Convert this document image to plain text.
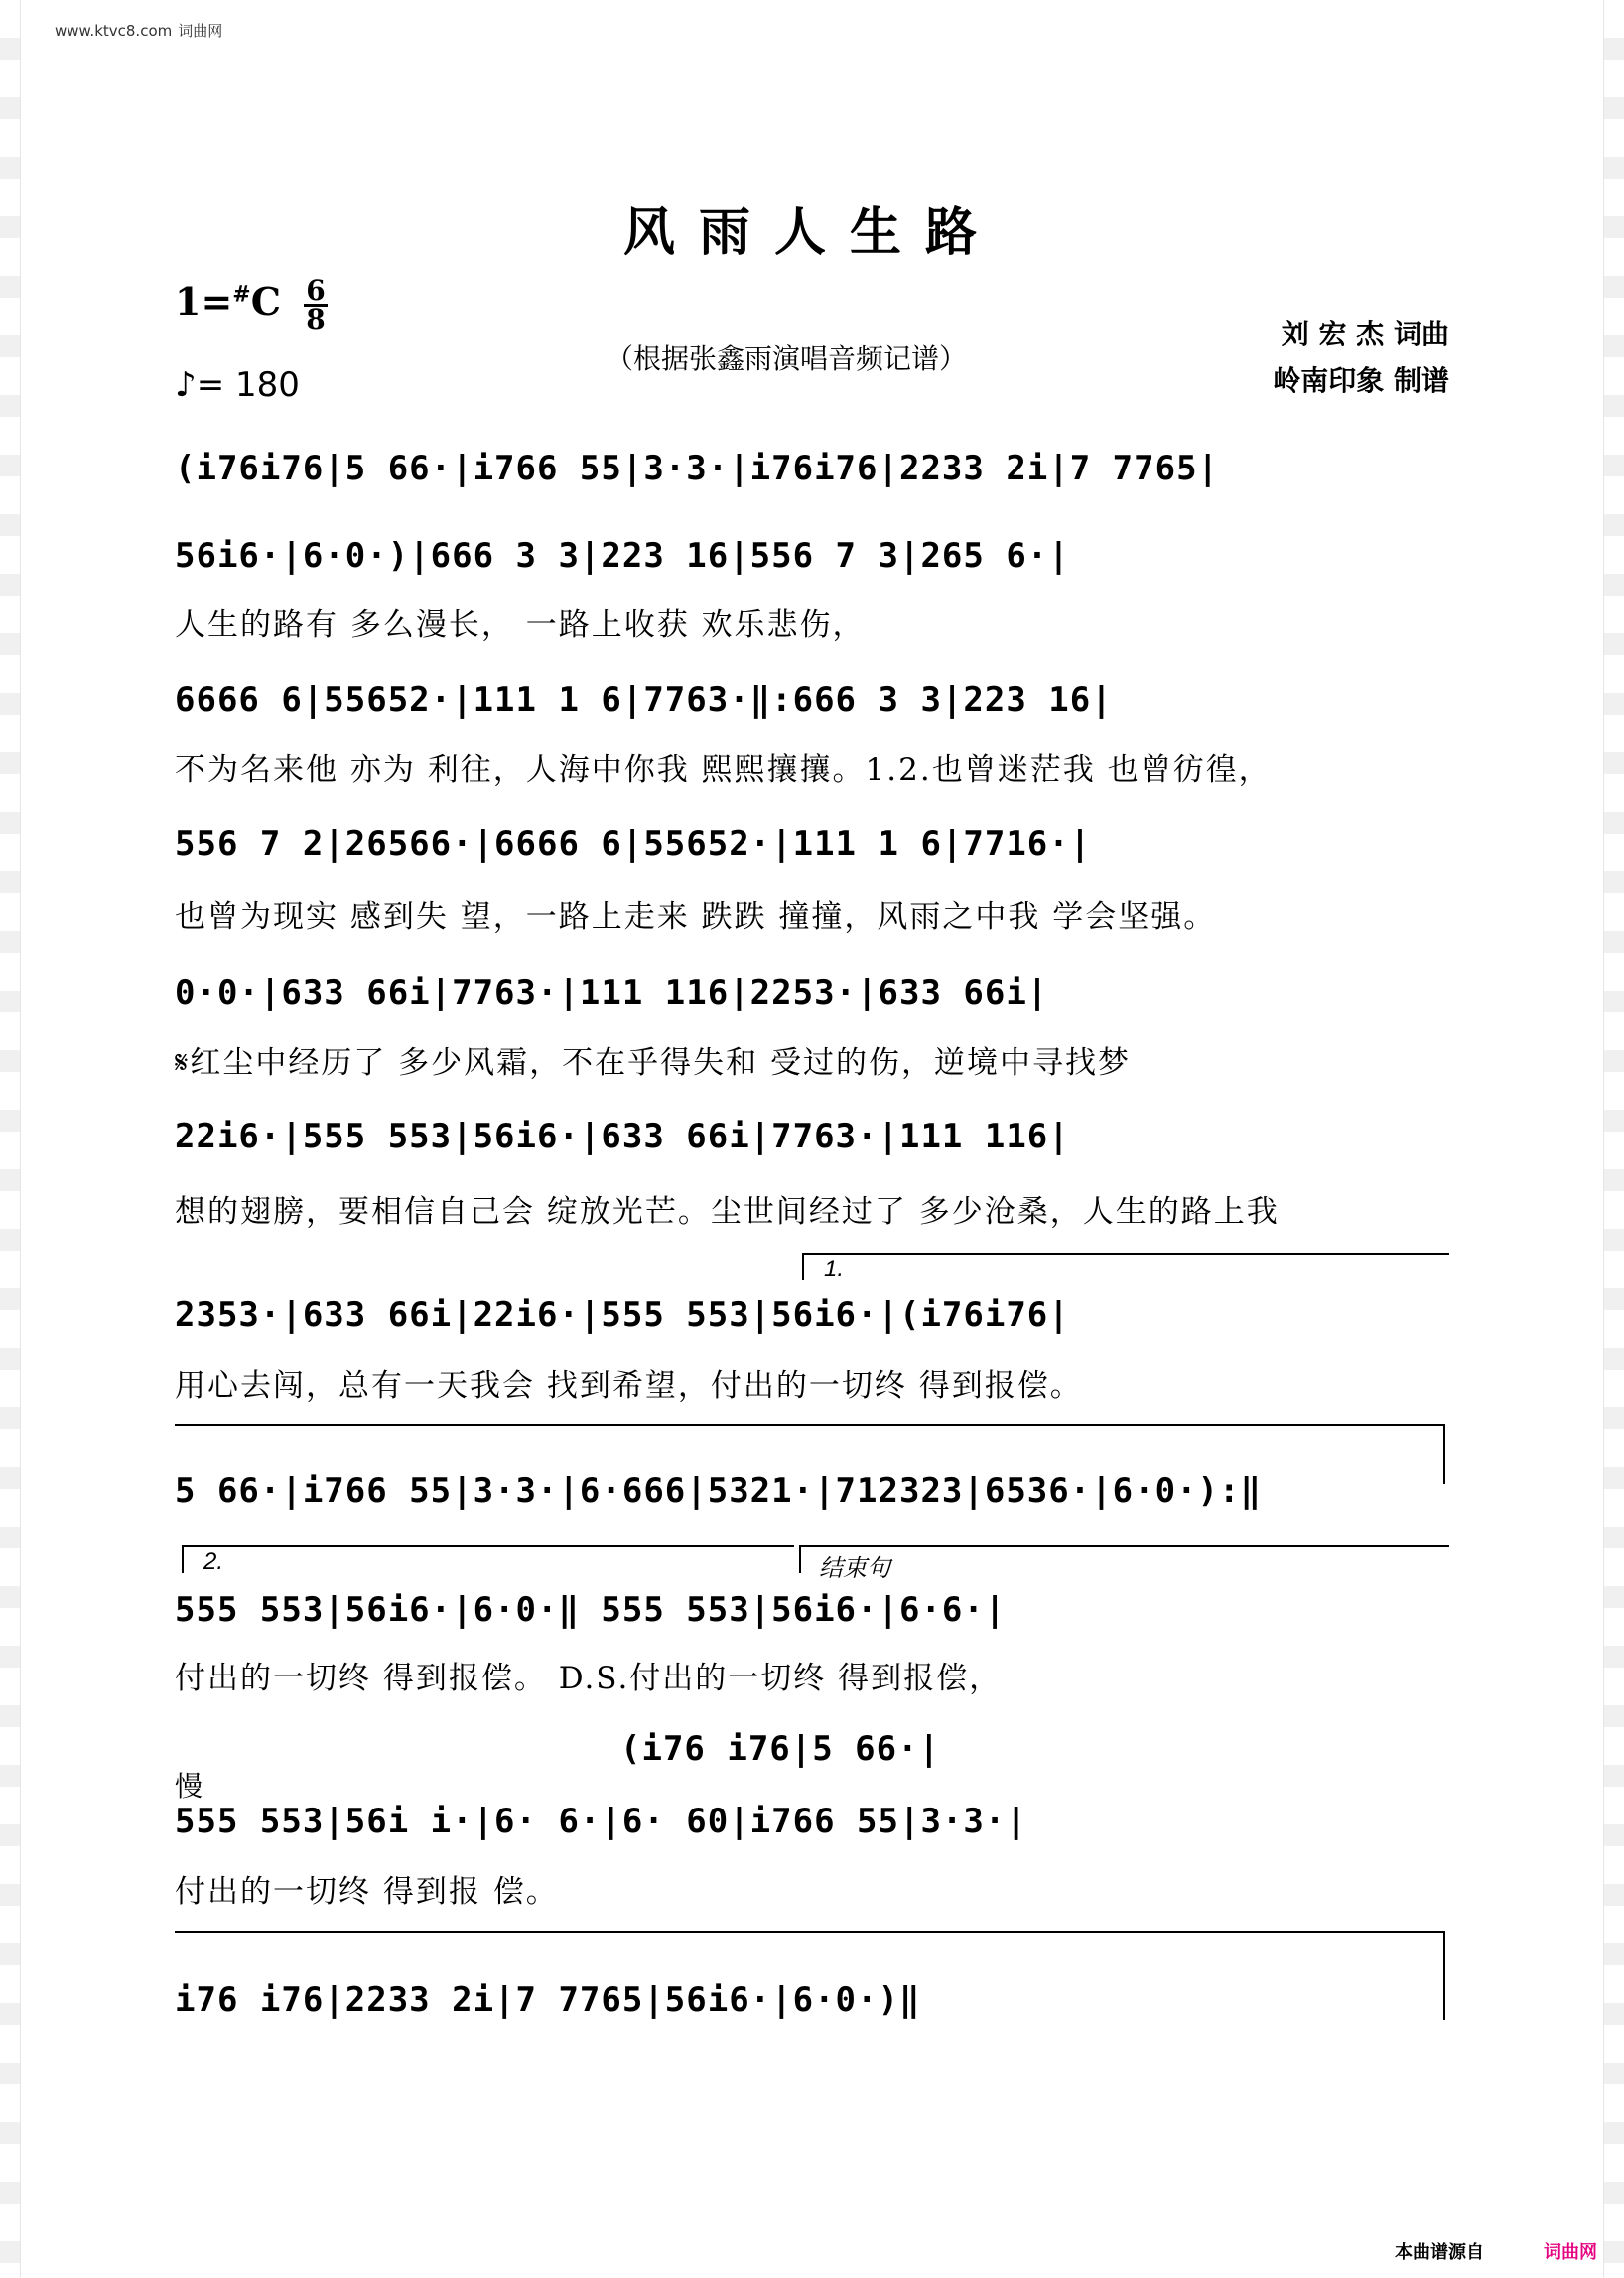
www.ktvc8.com 词曲网
风雨人生路
$1=^{\#}C \frac{6}{8}$
♪= 180
（根据张鑫雨演唱音频记谱）
刘 宏 杰 词曲
岭南印象 制谱
(i76i76|5 66·|i766 55|3·3·|i76i76|2233 2i|7 7765|
56i6·|6·0·)|666 3 3|223 16|556 7 3|265 6·|
人生的路有 多么漫长， 一路上收获 欢乐悲伤，
6666 6|55652·|111 1 6|7763·‖:666 3 3|223 16|
不为名来他 亦为 利往，人海中你我 熙熙攘攘。1.2.也曾迷茫我 也曾彷徨，
556 7 2|26566·|6666 6|55652·|111 1 6|7716·|
也曾为现实 感到失 望，一路上走来 跌跌 撞撞，风雨之中我 学会坚强。
0·0·|633 66i|7763·|111 116|2253·|633 66i|
𝄋红尘中经历了 多少风霜，不在乎得失和 受过的伤，逆境中寻找梦
22i6·|555 553|56i6·|633 66i|7763·|111 116|
想的翅膀，要相信自己会 绽放光芒。尘世间经过了 多少沧桑，人生的路上我
1.
2353·|633 66i|22i6·|555 553|56i6·|(i76i76|
用心去闯，总有一天我会 找到希望，付出的一切终 得到报偿。
5 66·|i766 55|3·3·|6·666|5321·|712323|6536·|6·0·):‖
2.	结束句
555 553|56i6·|6·0·‖ 555 553|56i6·|6·6·|
付出的一切终 得到报偿。 D.S.付出的一切终 得到报偿，
(i76 i76|5 66·|
慢
555 553|56i i·|6· 6·|6· 60|i766 55|3·3·|
付出的一切终 得到报 偿。
i76 i76|2233 2i|7 7765|56i6·|6·0·)‖
本曲谱源自	词曲网
